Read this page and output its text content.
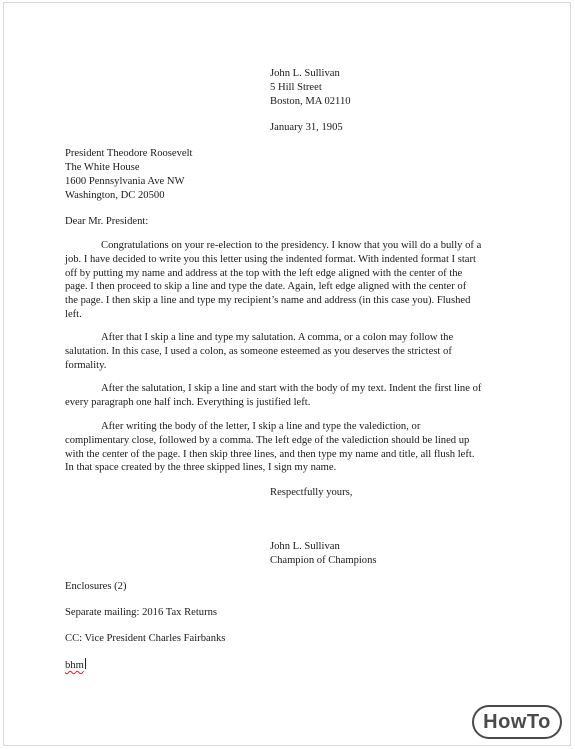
John L. Sullivan
5 Hill Street
Boston, MA 02110
January 31, 1905
President Theodore Roosevelt
The White House
1600 Pennsylvania Ave NW
Washington, DC 20500
Dear Mr. President:
Congratulations on your re-election to the presidency. I know that you will do a bully of a
job. I have decided to write you this letter using the indented format. With indented format I start
off by putting my name and address at the top with the left edge aligned with the center of the
page. I then proceed to skip a line and type the date. Again, left edge aligned with the center of
the page. I then skip a line and type my recipient’s name and address (in this case you). Flushed
left.
After that I skip a line and type my salutation. A comma, or a colon may follow the
salutation. In this case, I used a colon, as someone esteemed as you deserves the strictest of
formality.
After the salutation, I skip a line and start with the body of my text. Indent the first line of
every paragraph one half inch. Everything is justified left.
After writing the body of the letter, I skip a line and type the valediction, or
complimentary close, followed by a comma. The left edge of the valediction should be lined up
with the center of the page. I then skip three lines, and then type my name and title, all flush left.
In that space created by the three skipped lines, I sign my name.
Respectfully yours,
John L. Sullivan
Champion of Champions
Enclosures (2)
Separate mailing: 2016 Tax Returns
CC: Vice President Charles Fairbanks
bhm
HowTo
